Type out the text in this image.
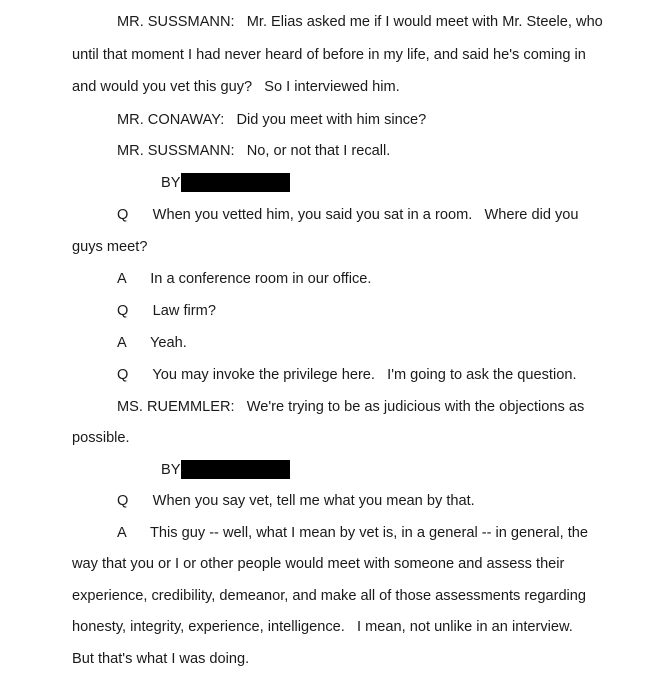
MR. SUSSMANN:   Mr. Elias asked me if I would meet with Mr. Steele, who
until that moment I had never heard of before in my life, and said he's coming in
and would you vet this guy?   So I interviewed him.
MR. CONAWAY:   Did you meet with him since?
MR. SUSSMANN:   No, or not that I recall.
BY
Q      When you vetted him, you said you sat in a room.   Where did you
guys meet?
A      In a conference room in our office.
Q      Law firm?
A      Yeah.
Q      You may invoke the privilege here.   I'm going to ask the question.
MS. RUEMMLER:   We're trying to be as judicious with the objections as
possible.
BY
Q      When you say vet, tell me what you mean by that.
A      This guy -- well, what I mean by vet is, in a general -- in general, the
way that you or I or other people would meet with someone and assess their
experience, credibility, demeanor, and make all of those assessments regarding
honesty, integrity, experience, intelligence.   I mean, not unlike in an interview.
But that's what I was doing.
